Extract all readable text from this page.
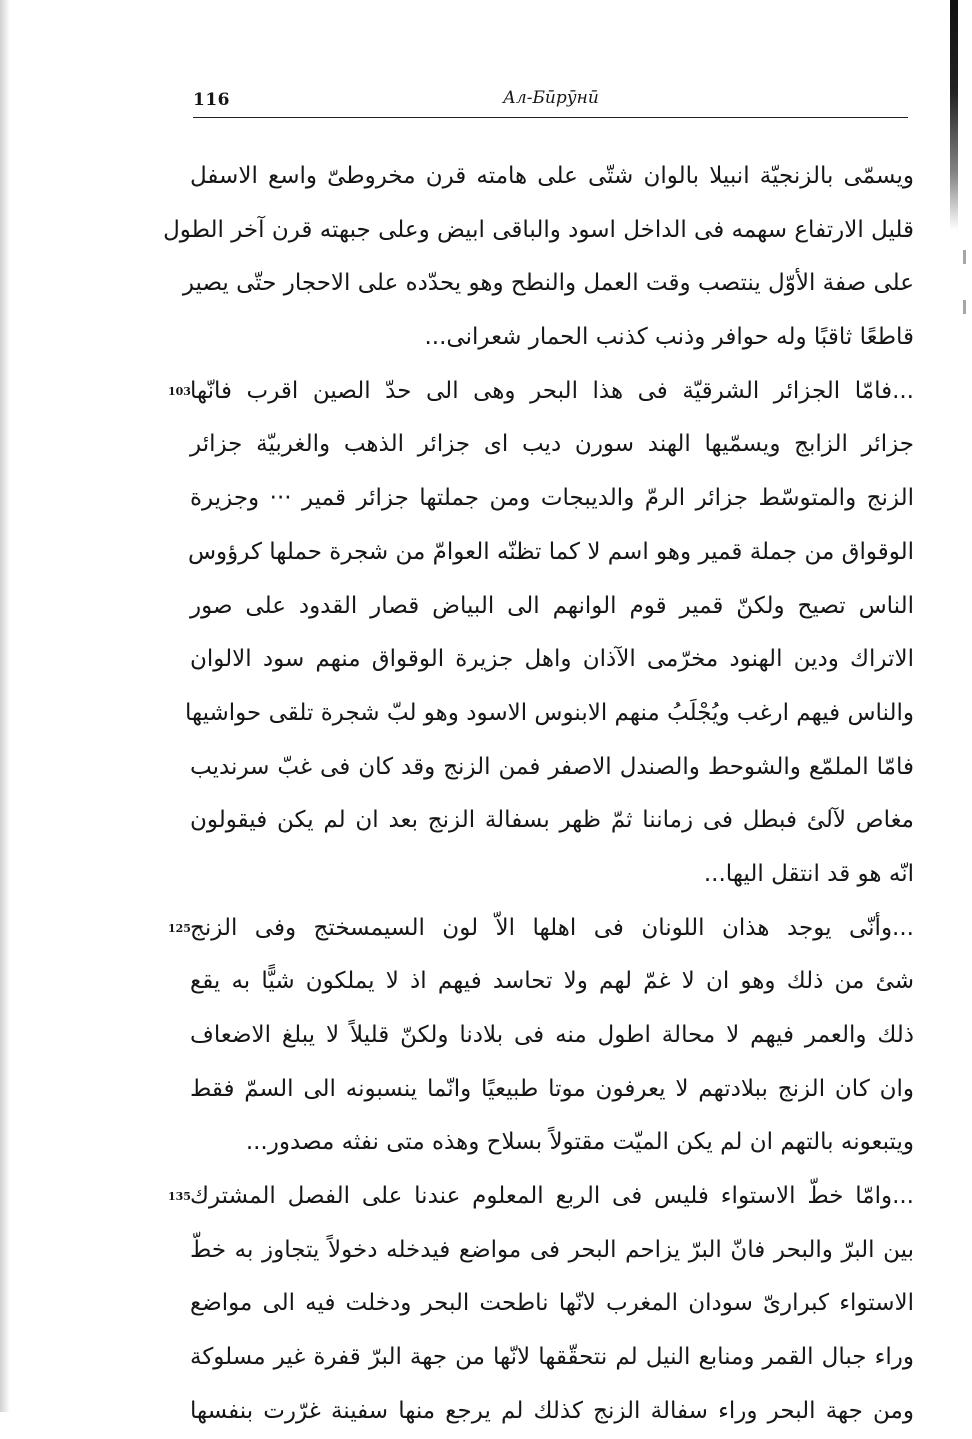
116	Ал-Бӣрӯнӣ
ويسمّى بالزنجيّة انبيلا بالوان شتّى على هامته قرن مخروطىّ واسع الاسفل
قليل الارتفاع سهمه فى الداخل اسود والباقى ابيض وعلى جبهته قرن آخر الطول
على صفة الأوّل ينتصب وقت العمل والنطح وهو يحدّده على الاحجار حتّى يصير
قاطعًا ثاقبًا وله حوافر وذنب كذنب الحمار شعرانى...
...فامّا الجزائر الشرقيّة فى هذا البحر وهى الى حدّ الصين اقرب فانّها
103
جزائر الزابج ويسمّيها الهند سورن ديب اى جزائر الذهب والغربيّة جزائر
الزنج والمتوسّط جزائر الرمّ والديبجات ومن جملتها جزائر قمير ··· وجزيرة
الوقواق من جملة قمير وهو اسم لا كما تظنّه العوامّ من شجرة حملها كرؤوس
الناس تصيح ولكنّ قمير قوم الوانهم الى البياض قصار القدود على صور
الاتراك ودين الهنود مخرّمى الآذان واهل جزيرة الوقواق منهم سود الالوان
والناس فيهم ارغب ويُجْلَبُ منهم الابنوس الاسود وهو لبّ شجرة تلقى حواشيها
فامّا الملمّع والشوحط والصندل الاصفر فمن الزنج وقد كان فى غبّ سرنديب
مغاص لآلئ فبطل فى زماننا ثمّ ظهر بسفالة الزنج بعد ان لم يكن فيقولون
انّه هو قد انتقل اليها...
...وأنّى يوجد هذان اللونان فى اهلها الاّ لون السيمسختج وفى الزنج
125
شئ من ذلك وهو ان لا غمّ لهم ولا تحاسد فيهم اذ لا يملكون شيًّا به يقع
ذلك والعمر فيهم لا محالة اطول منه فى بلادنا ولكنّ قليلاً لا يبلغ الاضعاف
وان كان الزنج ببلادتهم لا يعرفون موتا طبيعيًا وانّما ينسبونه الى السمّ فقط
ويتبعونه بالتهم ان لم يكن الميّت مقتولاً بسلاح وهذه متى نفثه مصدور...
...وامّا خطّ الاستواء فليس فى الربع المعلوم عندنا على الفصل المشترك
135
بين البرّ والبحر فانّ البرّ يزاحم البحر فى مواضع فيدخله دخولاً يتجاوز به خطّ
الاستواء كبرارىّ سودان المغرب لانّها ناطحت البحر ودخلت فيه الى مواضع
وراء جبال القمر ومنابع النيل لم نتحقّقها لانّها من جهة البرّ قفرة غير مسلوكة
ومن جهة البحر وراء سفالة الزنج كذلك لم يرجع منها سفينة غرّرت بنفسها
